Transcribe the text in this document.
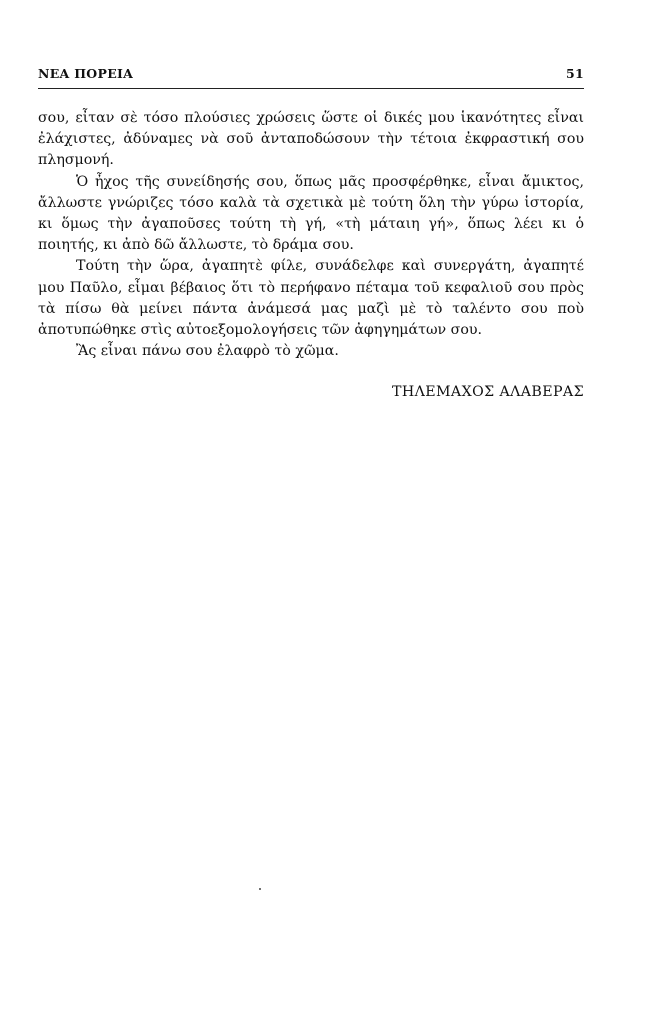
ΝΕΑ ΠΟΡΕΙΑ	51

σου, εἶταν σὲ τόσο πλούσιες χρώσεις ὥστε οἱ δικές μου ἱκανότητες εἶναι ἐλάχιστες, ἀδύναμες νὰ σοῦ ἀνταποδώσουν τὴν τέτοια ἐκφραστική σου πλησμονή.

Ὁ ἦχος τῆς συνείδησής σου, ὅπως μᾶς προσφέρθηκε, εἶναι ἄμικτος, ἄλλωστε γνώριζες τόσο καλὰ τὰ σχετικὰ μὲ τούτη ὅλη τὴν γύρω ἱστορία, κι ὅμως τὴν ἀγαποῦσες τούτη τὴ γή, «τὴ μάταιη γή», ὅπως λέει κι ὁ ποιητής, κι ἀπὸ δῶ ἄλλωστε, τὸ δράμα σου.

Τούτη τὴν ὥρα, ἀγαπητὲ φίλε, συνάδελφε καὶ συνεργάτη, ἀγαπητέ μου Παῦλο, εἶμαι βέβαιος ὅτι τὸ περήφανο πέταμα τοῦ κεφαλιοῦ σου πρὸς τὰ πίσω θὰ μείνει πάντα ἀνάμεσά μας μαζὶ μὲ τὸ ταλέντο σου ποὺ ἀποτυπώθηκε στὶς αὐτοεξομολογήσεις τῶν ἀφηγημάτων σου.

Ἂς εἶναι πάνω σου ἐλαφρὸ τὸ χῶμα.

ΤΗΛΕΜΑΧΟΣ ΑΛΑΒΕΡΑΣ
